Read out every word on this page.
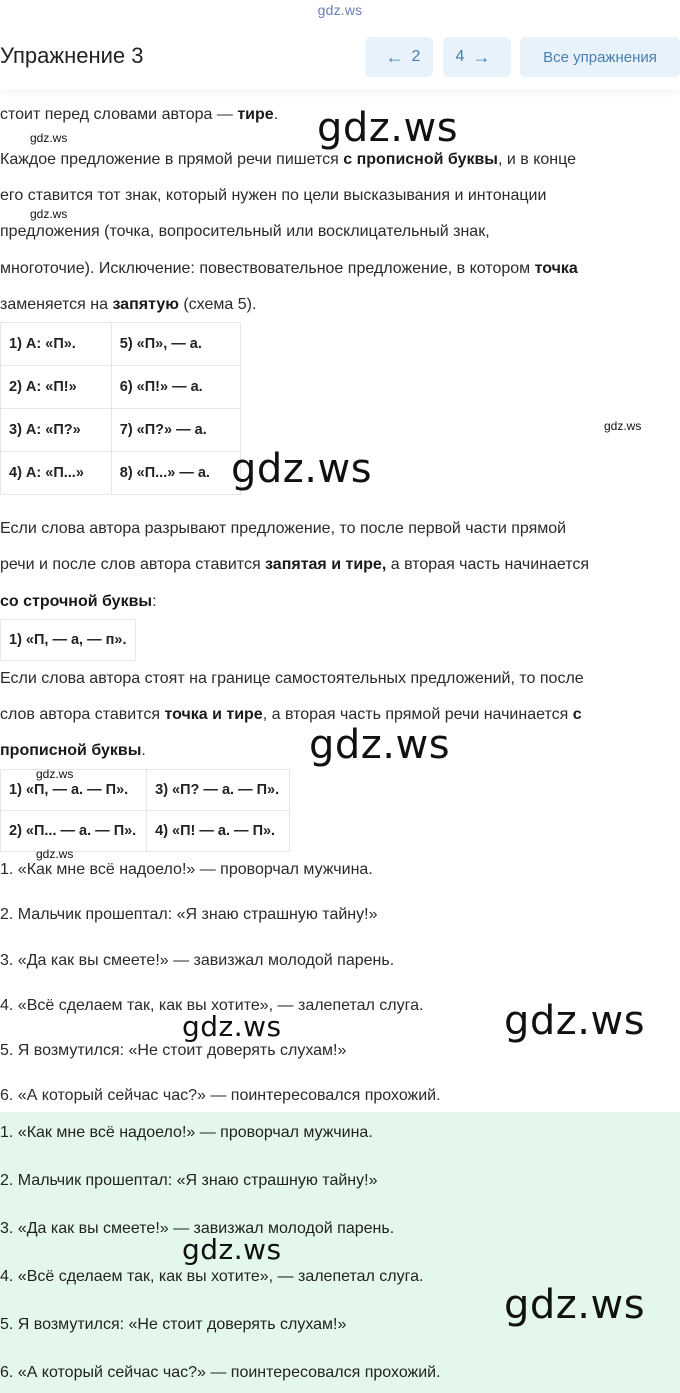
gdz.ws
Упражнение 3	← 2 4 →	Все упражнения
стоит перед словами автора — тире.
Каждое предложение в прямой речи пишется с прописной буквы, и в конце
его ставится тот знак, который нужен по цели высказывания и интонации
предложения (точка, вопросительный или восклицательный знак,
многоточие). Исключение: повествовательное предложение, в котором точка
заменяется на запятую (схема 5).
1) А: «П».	5) «П», — а.
2) А: «П!»	6) «П!» — а.
3) А: «П?»	7) «П?» — а.
4) А: «П...»	8) «П...» — а.
Если слова автора разрывают предложение, то после первой части прямой
речи и после слов автора ставится запятая и тире, а вторая часть начинается
со строчной буквы:
1) «П, — а, — п».
Если слова автора стоят на границе самостоятельных предложений, то после
слов автора ставится точка и тире, а вторая часть прямой речи начинается с
прописной буквы.
1) «П, — а. — П».	3) «П? — а. — П».
2) «П... — а. — П».	4) «П! — а. — П».
1. «Как мне всё надоело!» — проворчал мужчина.
2. Мальчик прошептал: «Я знаю страшную тайну!»
3. «Да как вы смеете!» — завизжал молодой парень.
4. «Всё сделаем так, как вы хотите», — залепетал слуга.
5. Я возмутился: «Не стоит доверять слухам!»
6. «А который сейчас час?» — поинтересовался прохожий.
1. «Как мне всё надоело!» — проворчал мужчина.
2. Мальчик прошептал: «Я знаю страшную тайну!»
3. «Да как вы смеете!» — завизжал молодой парень.
4. «Всё сделаем так, как вы хотите», — залепетал слуга.
5. Я возмутился: «Не стоит доверять слухам!»
6. «А который сейчас час?» — поинтересовался прохожий.
gdz.ws
gdz.ws
gdz.ws
gdz.ws
gdz.ws
gdz.ws
gdz.ws
gdz.ws
gdz.ws
gdz.ws
gdz.ws
gdz.ws
